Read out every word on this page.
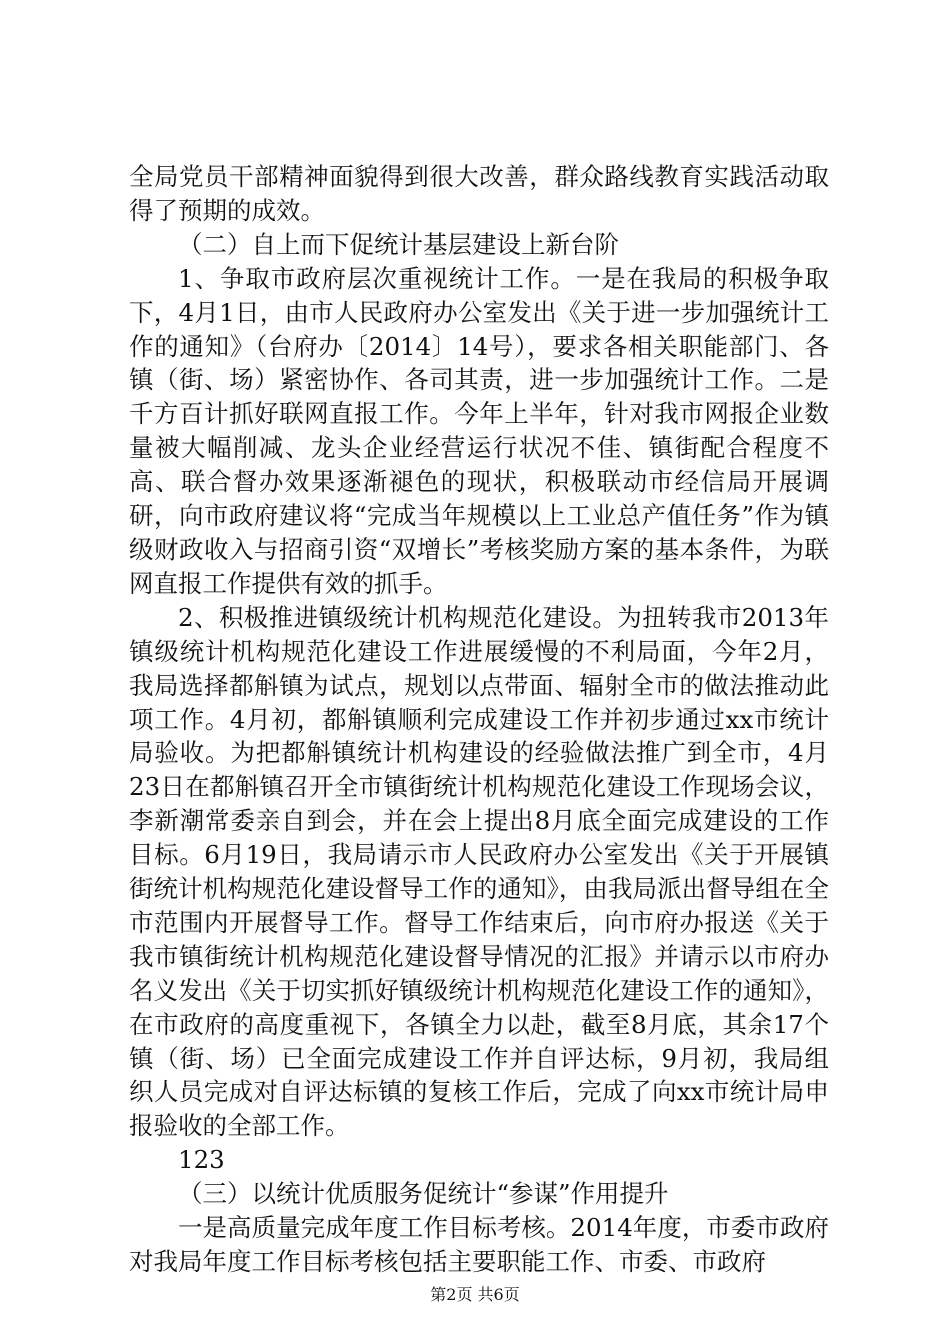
全局党员干部精神面貌得到很大改善，群众路线教育实践活动取得了预期的成效。

（二）自上而下促统计基层建设上新台阶

1、争取市政府层次重视统计工作。一是在我局的积极争取下，4月1日，由市人民政府办公室发出《关于进一步加强统计工作的通知》（台府办〔2014〕14号），要求各相关职能部门、各镇（街、场）紧密协作、各司其责，进一步加强统计工作。二是千方百计抓好联网直报工作。今年上半年，针对我市网报企业数量被大幅削减、龙头企业经营运行状况不佳、镇街配合程度不高、联合督办效果逐渐褪色的现状，积极联动市经信局开展调研，向市政府建议将“完成当年规模以上工业总产值任务”作为镇级财政收入与招商引资“双增长”考核奖励方案的基本条件，为联网直报工作提供有效的抓手。

2、积极推进镇级统计机构规范化建设。为扭转我市2013年镇级统计机构规范化建设工作进展缓慢的不利局面，今年2月，我局选择都斛镇为试点，规划以点带面、辐射全市的做法推动此项工作。4月初，都斛镇顺利完成建设工作并初步通过xx市统计局验收。为把都斛镇统计机构建设的经验做法推广到全市，4月23日在都斛镇召开全市镇街统计机构规范化建设工作现场会议，李新潮常委亲自到会，并在会上提出8月底全面完成建设的工作目标。6月19日，我局请示市人民政府办公室发出《关于开展镇街统计机构规范化建设督导工作的通知》，由我局派出督导组在全市范围内开展督导工作。督导工作结束后，向市府办报送《关于我市镇街统计机构规范化建设督导情况的汇报》并请示以市府办名义发出《关于切实抓好镇级统计机构规范化建设工作的通知》，在市政府的高度重视下，各镇全力以赴，截至8月底，其余17个镇（街、场）已全面完成建设工作并自评达标，9月初，我局组织人员完成对自评达标镇的复核工作后，完成了向xx市统计局申报验收的全部工作。

123

（三）以统计优质服务促统计“参谋”作用提升

一是高质量完成年度工作目标考核。2014年度，市委市政府对我局年度工作目标考核包括主要职能工作、市委、市政府

第2页 共6页
